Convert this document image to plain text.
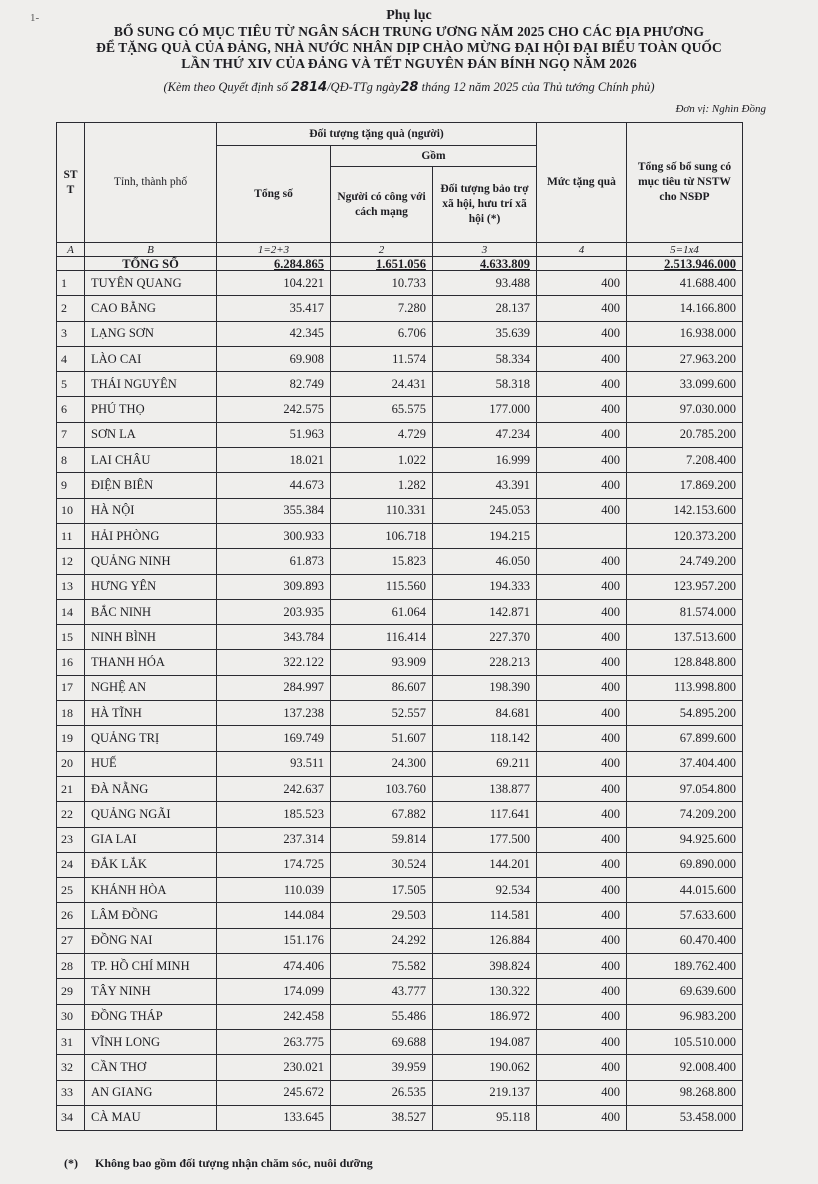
1-	Phụ lục
BỔ SUNG CÓ MỤC TIÊU TỪ NGÂN SÁCH TRUNG ƯƠNG NĂM 2025 CHO CÁC ĐỊA PHƯƠNG
ĐỂ TẶNG QUÀ CỦA ĐẢNG, NHÀ NƯỚC NHÂN DỊP CHÀO MỪNG ĐẠI HỘI ĐẠI BIỂU TOÀN QUỐC
LẦN THỨ XIV CỦA ĐẢNG VÀ TẾT NGUYÊN ĐÁN BÍNH NGỌ NĂM 2026
(Kèm theo Quyết định số 2814/QĐ-TTg ngày28 tháng 12 năm 2025 của Thủ tướng Chính phủ)
Đơn vị: Nghìn Đồng
ST T	Tỉnh, thành phố	Đối tượng tặng quà (người)			Mức tặng quà	Tổng số bổ sung có mục tiêu từ NSTW cho NSĐP
		Tổng số	Gồm			
			Người có công với cách mạng	Đối tượng bảo trợ xã hội, hưu trí xã hội (*)		
A	B	1=2+3	2	3	4	5=1x4
	TỔNG SỐ	6.284.865	1.651.056	4.633.809		2.513.946.000
1	TUYÊN QUANG	104.221	10.733	93.488	400	41.688.400
2	CAO BẰNG	35.417	7.280	28.137	400	14.166.800
3	LẠNG SƠN	42.345	6.706	35.639	400	16.938.000
4	LÀO CAI	69.908	11.574	58.334	400	27.963.200
5	THÁI NGUYÊN	82.749	24.431	58.318	400	33.099.600
6	PHÚ THỌ	242.575	65.575	177.000	400	97.030.000
7	SƠN LA	51.963	4.729	47.234	400	20.785.200
8	LAI CHÂU	18.021	1.022	16.999	400	7.208.400
9	ĐIỆN BIÊN	44.673	1.282	43.391	400	17.869.200
10	HÀ NỘI	355.384	110.331	245.053	400	142.153.600
11	HẢI PHÒNG	300.933	106.718	194.215		120.373.200
12	QUẢNG NINH	61.873	15.823	46.050	400	24.749.200
13	HƯNG YÊN	309.893	115.560	194.333	400	123.957.200
14	BẮC NINH	203.935	61.064	142.871	400	81.574.000
15	NINH BÌNH	343.784	116.414	227.370	400	137.513.600
16	THANH HÓA	322.122	93.909	228.213	400	128.848.800
17	NGHỆ AN	284.997	86.607	198.390	400	113.998.800
18	HÀ TĨNH	137.238	52.557	84.681	400	54.895.200
19	QUẢNG TRỊ	169.749	51.607	118.142	400	67.899.600
20	HUẾ	93.511	24.300	69.211	400	37.404.400
21	ĐÀ NẴNG	242.637	103.760	138.877	400	97.054.800
22	QUẢNG NGÃI	185.523	67.882	117.641	400	74.209.200
23	GIA LAI	237.314	59.814	177.500	400	94.925.600
24	ĐẮK LẮK	174.725	30.524	144.201	400	69.890.000
25	KHÁNH HÒA	110.039	17.505	92.534	400	44.015.600
26	LÂM ĐỒNG	144.084	29.503	114.581	400	57.633.600
27	ĐỒNG NAI	151.176	24.292	126.884	400	60.470.400
28	TP. HỒ CHÍ MINH	474.406	75.582	398.824	400	189.762.400
29	TÂY NINH	174.099	43.777	130.322	400	69.639.600
30	ĐỒNG THÁP	242.458	55.486	186.972	400	96.983.200
31	VĨNH LONG	263.775	69.688	194.087	400	105.510.000
32	CẦN THƠ	230.021	39.959	190.062	400	92.008.400
33	AN GIANG	245.672	26.535	219.137	400	98.268.800
34	CÀ MAU	133.645	38.527	95.118	400	53.458.000
(*) Không bao gồm đối tượng nhận chăm sóc, nuôi dưỡng
